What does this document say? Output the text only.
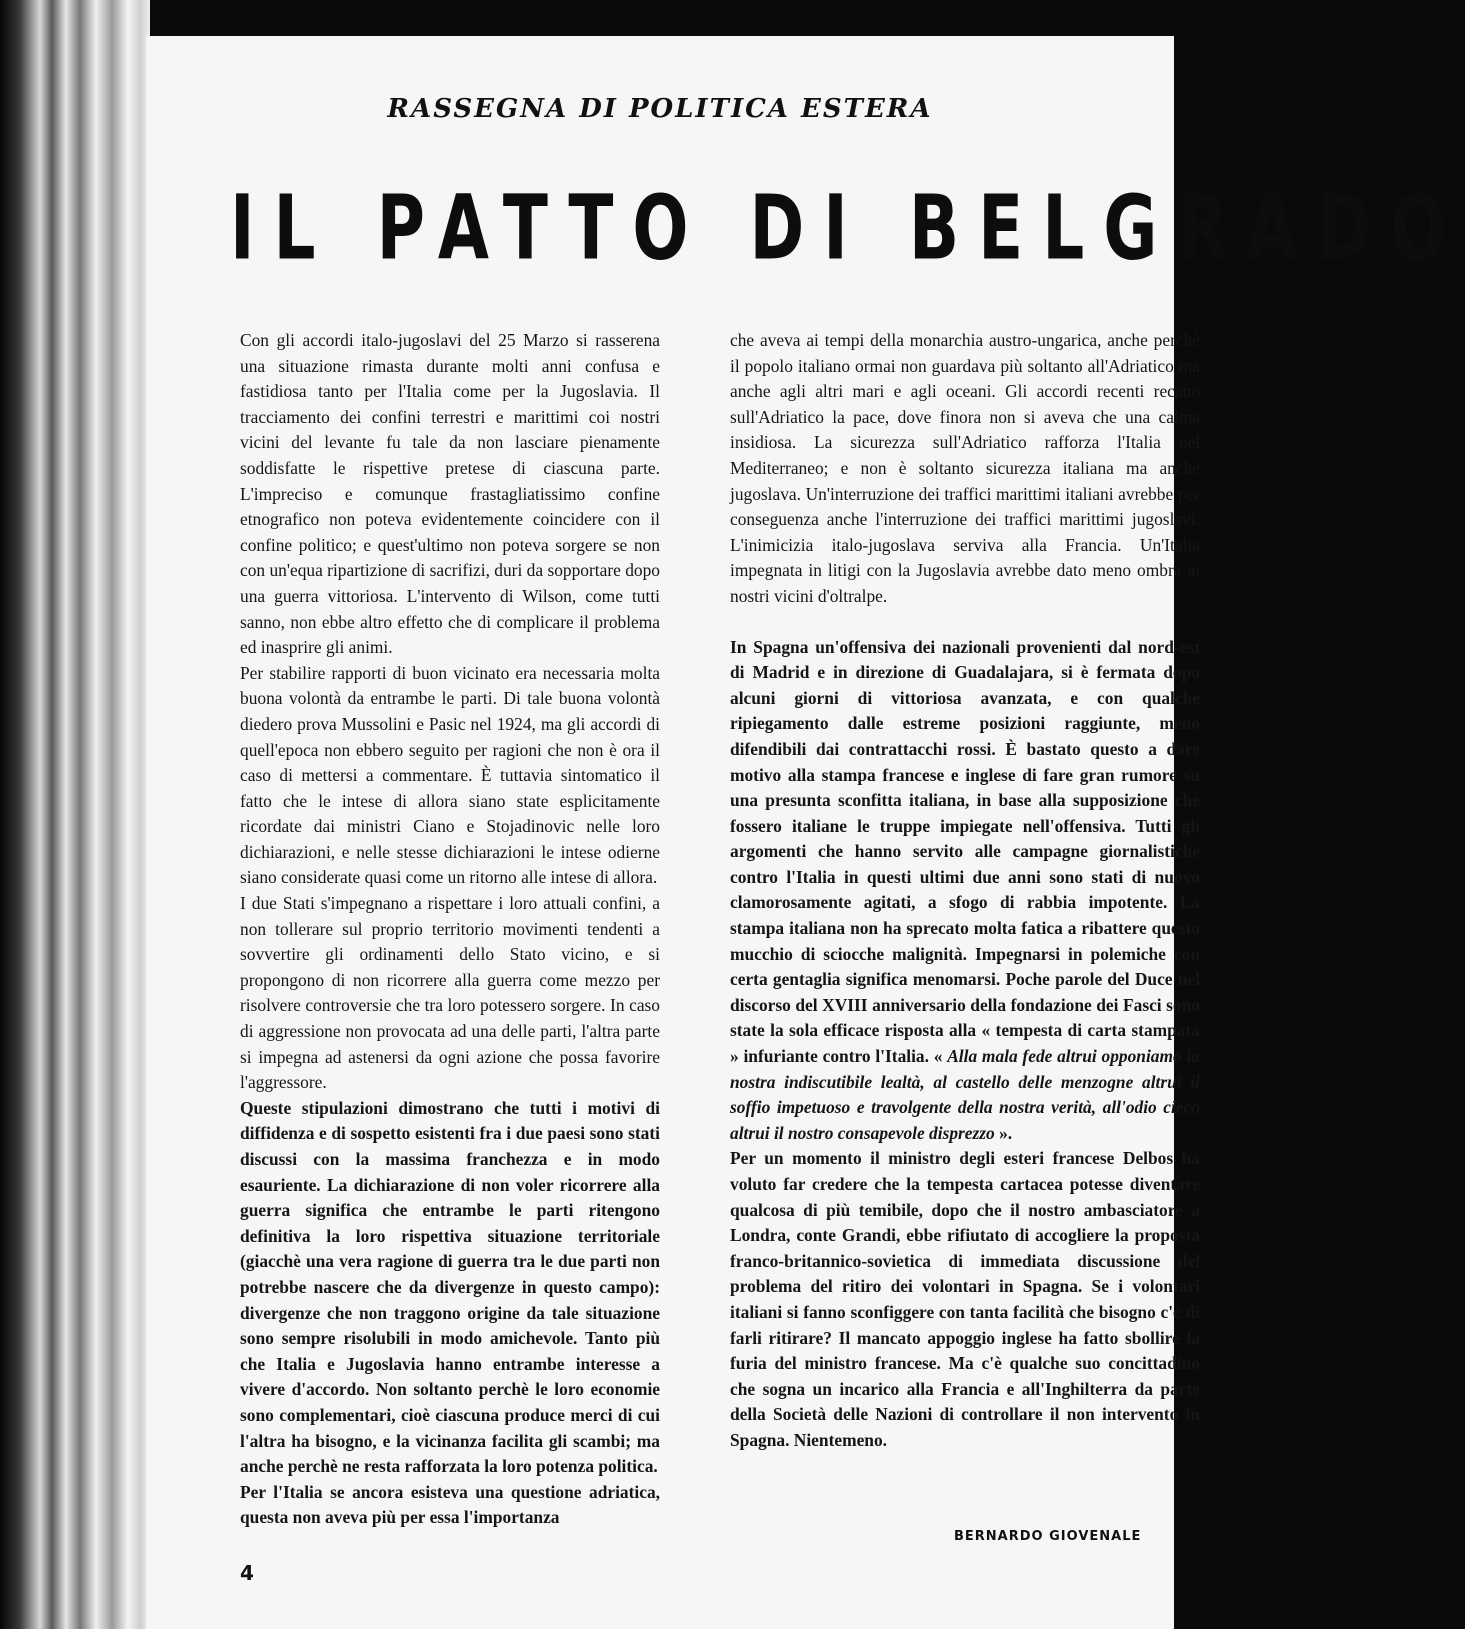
RASSEGNA DI POLITICA ESTERA
IL PATTO DI BELGRADO

Con gli accordi italo-jugoslavi del 25 Marzo si rasserena una situazione rimasta durante molti anni confusa e fastidiosa tanto per l'Italia come per la Jugoslavia. Il tracciamento dei confini terrestri e marittimi coi nostri vicini del levante fu tale da non lasciare pienamente soddisfatte le rispettive pretese di ciascuna parte. L'impreciso e comunque frastagliatissimo confine etnografico non poteva evidentemente coincidere con il confine politico; e quest'ultimo non poteva sorgere se non con un'equa ripartizione di sacrifizi, duri da sopportare dopo una guerra vittoriosa. L'intervento di Wilson, come tutti sanno, non ebbe altro effetto che di complicare il problema ed inasprire gli animi.

Per stabilire rapporti di buon vicinato era necessaria molta buona volontà da entrambe le parti. Di tale buona volontà diedero prova Mussolini e Pasic nel 1924, ma gli accordi di quell'epoca non ebbero seguito per ragioni che non è ora il caso di mettersi a commentare. È tuttavia sintomatico il fatto che le intese di allora siano state esplicitamente ricordate dai ministri Ciano e Stojadinovic nelle loro dichiarazioni, e nelle stesse dichiarazioni le intese odierne siano considerate quasi come un ritorno alle intese di allora.

I due Stati s'impegnano a rispettare i loro attuali confini, a non tollerare sul proprio territorio movimenti tendenti a sovvertire gli ordinamenti dello Stato vicino, e si propongono di non ricorrere alla guerra come mezzo per risolvere controversie che tra loro potessero sorgere. In caso di aggressione non provocata ad una delle parti, l'altra parte si impegna ad astenersi da ogni azione che possa favorire l'aggressore.

Queste stipulazioni dimostrano che tutti i motivi di diffidenza e di sospetto esistenti fra i due paesi sono stati discussi con la massima franchezza e in modo esauriente. La dichiarazione di non voler ricorrere alla guerra significa che entrambe le parti ritengono definitiva la loro rispettiva situazione territoriale (giacchè una vera ragione di guerra tra le due parti non potrebbe nascere che da divergenze in questo campo): divergenze che non traggono origine da tale situazione sono sempre risolubili in modo amichevole. Tanto più che Italia e Jugoslavia hanno entrambe interesse a vivere d'accordo. Non soltanto perchè le loro economie sono complementari, cioè ciascuna produce merci di cui l'altra ha bisogno, e la vicinanza facilita gli scambi; ma anche perchè ne resta rafforzata la loro potenza politica.

Per l'Italia se ancora esisteva una questione adriatica, questa non aveva più per essa l'importanza

che aveva ai tempi della monarchia austro-ungarica, anche perchè il popolo italiano ormai non guardava più soltanto all'Adriatico ma anche agli altri mari e agli oceani. Gli accordi recenti recano sull'Adriatico la pace, dove finora non si aveva che una calma insidiosa. La sicurezza sull'Adriatico rafforza l'Italia nel Mediterraneo; e non è soltanto sicurezza italiana ma anche jugoslava. Un'interruzione dei traffici marittimi italiani avrebbe per conseguenza anche l'interruzione dei traffici marittimi jugoslavi. L'inimicizia italo-jugoslava serviva alla Francia. Un'Italia impegnata in litigi con la Jugoslavia avrebbe dato meno ombra ai nostri vicini d'oltralpe.

In Spagna un'offensiva dei nazionali provenienti dal nord-est di Madrid e in direzione di Guadalajara, si è fermata dopo alcuni giorni di vittoriosa avanzata, e con qualche ripiegamento dalle estreme posizioni raggiunte, meno difendibili dai contrattacchi rossi. È bastato questo a dare motivo alla stampa francese e inglese di fare gran rumore su una presunta sconfitta italiana, in base alla supposizione che fossero italiane le truppe impiegate nell'offensiva. Tutti gli argomenti che hanno servito alle campagne giornalistiche contro l'Italia in questi ultimi due anni sono stati di nuovo clamorosamente agitati, a sfogo di rabbia impotente. La stampa italiana non ha sprecato molta fatica a ribattere questo mucchio di sciocche malignità. Impegnarsi in polemiche con certa gentaglia significa menomarsi. Poche parole del Duce nel discorso del XVIII anniversario della fondazione dei Fasci sono state la sola efficace risposta alla « tempesta di carta stampata » infuriante contro l'Italia. « Alla mala fede altrui opponiamo la nostra indiscutibile lealtà, al castello delle menzogne altrui il soffio impetuoso e travolgente della nostra verità, all'odio cieco altrui il nostro consapevole disprezzo ».

Per un momento il ministro degli esteri francese Delbos ha voluto far credere che la tempesta cartacea potesse diventare qualcosa di più temibile, dopo che il nostro ambasciatore a Londra, conte Grandi, ebbe rifiutato di accogliere la proposta franco-britannico-sovietica di immediata discussione del problema del ritiro dei volontari in Spagna. Se i volontari italiani si fanno sconfiggere con tanta facilità che bisogno c'è di farli ritirare? Il mancato appoggio inglese ha fatto sbollire la furia del ministro francese. Ma c'è qualche suo concittadino che sogna un incarico alla Francia e all'Inghilterra da parte della Società delle Nazioni di controllare il non intervento in Spagna. Nientemeno.

BERNARDO GIOVENALE
4
